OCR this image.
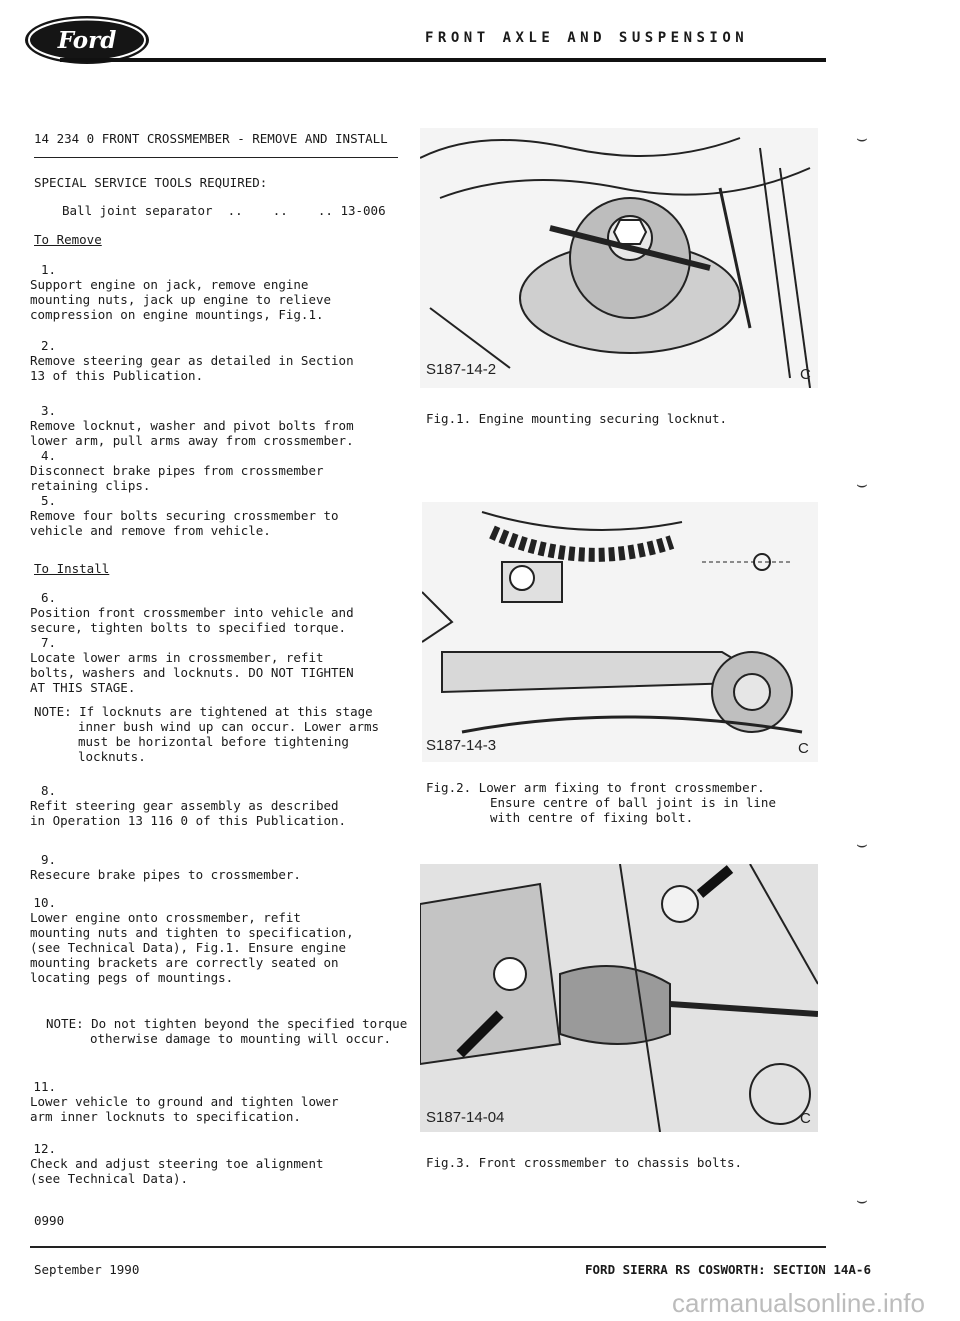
Ford	FRONT AXLE AND SUSPENSION
14 234 0 FRONT CROSSMEMBER - REMOVE AND INSTALL
SPECIAL SERVICE TOOLS REQUIRED:
Ball joint separator  ..    ..    .. 13-006
To Remove
1.Support engine on jack, remove engine mounting nuts, jack up engine to relieve compression on engine mountings, Fig.1.
2.Remove steering gear as detailed in Section 13 of this Publication.
3.Remove locknut, washer and pivot bolts from lower arm, pull arms away from crossmember.
4.Disconnect brake pipes from crossmember retaining clips.
5.Remove four bolts securing crossmember to vehicle and remove from vehicle.
To Install
6.Position front crossmember into vehicle and secure, tighten bolts to specified torque.
7.Locate lower arms in crossmember, refit bolts, washers and locknuts. DO NOT TIGHTEN AT THIS STAGE.
NOTE: If locknuts are tightened at this stage inner bush wind up can occur. Lower arms must be horizontal before tightening locknuts.
8.Refit steering gear assembly as described in Operation 13 116 0 of this Publication.
9.Resecure brake pipes to crossmember.
10.Lower engine onto crossmember, refit mounting nuts and tighten to specification, (see Technical Data), Fig.1. Ensure engine mounting brackets are correctly seated on locating pegs of mountings.
NOTE: Do not tighten beyond the specified torque otherwise damage to mounting will occur.
11.Lower vehicle to ground and tighten lower arm inner locknuts to specification.
12.Check and adjust steering toe alignment (see Technical Data).
S187-14-2	C
Fig.1. Engine mounting securing locknut.
S187-14-3	C
Fig.2. Lower arm fixing to front crossmember.
Ensure centre of ball joint is in line
with centre of fixing bolt.
S187-14-04	C
Fig.3. Front crossmember to chassis bolts.
⌣
⌣
⌣
⌣
0990
September 1990	FORD SIERRA RS COSWORTH: SECTION 14A-6
carmanualsonline.info
